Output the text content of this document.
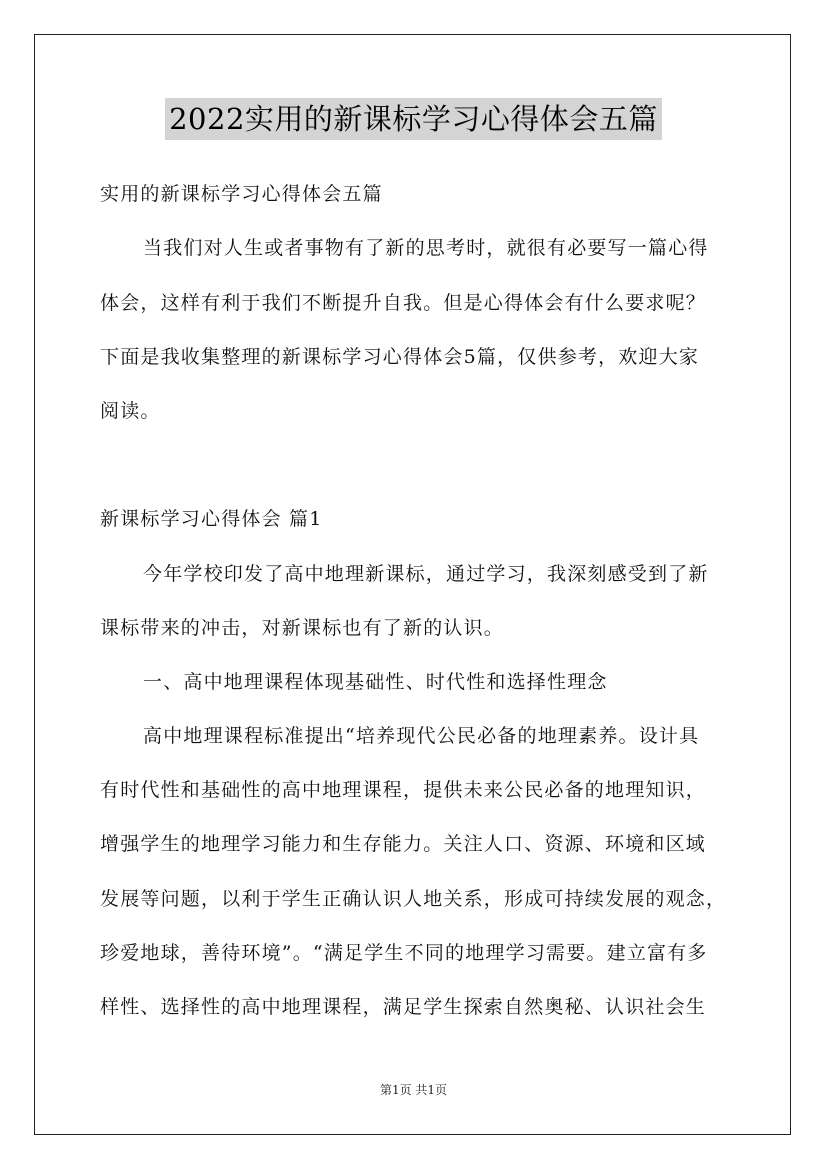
2022实用的新课标学习心得体会五篇
实用的新课标学习心得体会五篇
当我们对人生或者事物有了新的思考时，就很有必要写一篇心得
体会，这样有利于我们不断提升自我。但是心得体会有什么要求呢？
下面是我收集整理的新课标学习心得体会5篇，仅供参考，欢迎大家
阅读。
新课标学习心得体会 篇1
今年学校印发了高中地理新课标，通过学习，我深刻感受到了新
课标带来的冲击，对新课标也有了新的认识。
一、高中地理课程体现基础性、时代性和选择性理念
高中地理课程标准提出“培养现代公民必备的地理素养。设计具
有时代性和基础性的高中地理课程，提供未来公民必备的地理知识，
增强学生的地理学习能力和生存能力。关注人口、资源、环境和区域
发展等问题，以利于学生正确认识人地关系，形成可持续发展的观念，
珍爱地球，善待环境”。“满足学生不同的地理学习需要。建立富有多
样性、选择性的高中地理课程，满足学生探索自然奥秘、认识社会生
第1页 共1页
